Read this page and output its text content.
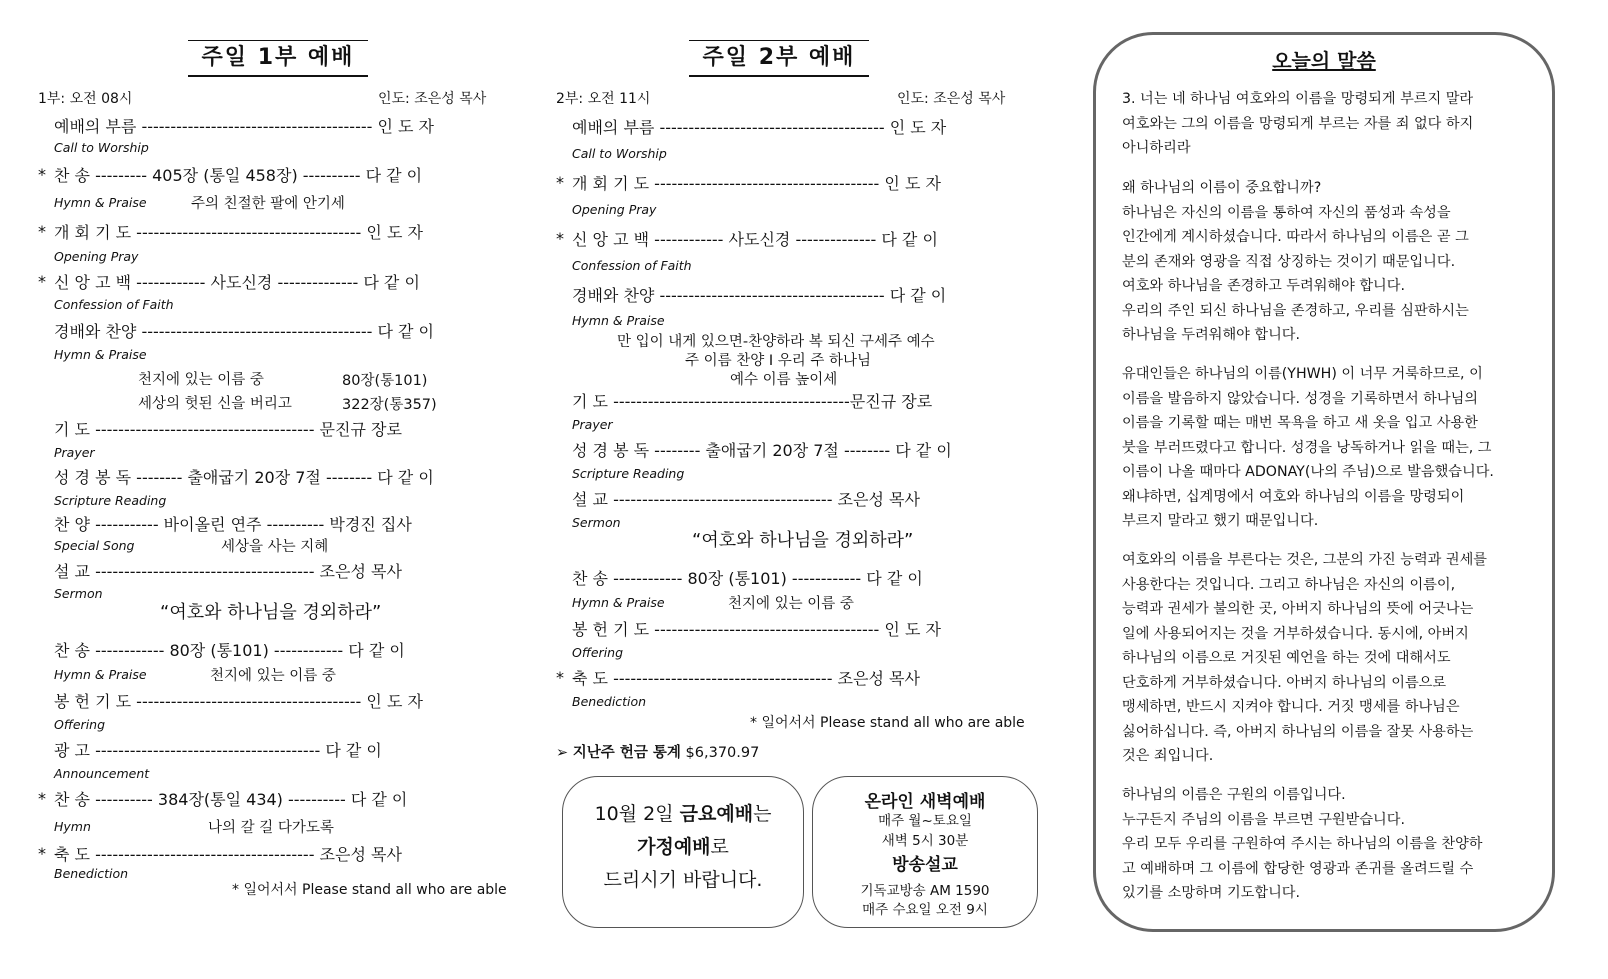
주일 1부 예배
1부: 오전 08시	인도: 조은성 목사
예배의 부름 ---------------------------------------- 인 도 자
Call to Worship
* 찬 송 --------- 405장 (통일 458장) ---------- 다 같 이
Hymn & Praise	주의 친절한 팔에 안기세
* 개 회 기 도 --------------------------------------- 인 도 자
Opening Pray
* 신 앙 고 백 ------------ 사도신경 -------------- 다 같 이
Confession of Faith
경배와 찬양 ---------------------------------------- 다 같 이
Hymn & Praise
천지에 있는 이름 중	80장(통101)
세상의 헛된 신을 버리고	322장(통357)
기 도 -------------------------------------- 문진규 장로
Prayer
성 경 봉 독 -------- 출애굽기 20장 7절 -------- 다 같 이
Scripture Reading
찬 양 ----------- 바이올린 연주 ---------- 박경진 집사
Special Song	세상을 사는 지혜
설 교 -------------------------------------- 조은성 목사
Sermon
“여호와 하나님을 경외하라”
찬 송 ------------ 80장 (통101) ------------ 다 같 이
Hymn & Praise	천지에 있는 이름 중
봉 헌 기 도 --------------------------------------- 인 도 자
Offering
광 고 --------------------------------------- 다 같 이
Announcement
* 찬 송 ---------- 384장(통일 434) ---------- 다 같 이
Hymn	나의 갈 길 다가도록
* 축 도 -------------------------------------- 조은성 목사
Benediction
* 일어서서 Please stand all who are able
주일 2부 예배
2부: 오전 11시	인도: 조은성 목사
예배의 부름 --------------------------------------- 인 도 자
Call to Worship
* 개 회 기 도 --------------------------------------- 인 도 자
Opening Pray
* 신 앙 고 백 ------------ 사도신경 -------------- 다 같 이
Confession of Faith
경배와 찬양 --------------------------------------- 다 같 이
Hymn & Praise
만 입이 내게 있으면-찬양하라 복 되신 구세주 예수
주 이름 찬양 I 우리 주 하나님
예수 이름 높이세
기 도 -----------------------------------------문진규 장로
Prayer
성 경 봉 독 -------- 출애굽기 20장 7절 -------- 다 같 이
Scripture Reading
설 교 -------------------------------------- 조은성 목사
Sermon
“여호와 하나님을 경외하라”
찬 송 ------------ 80장 (통101) ------------ 다 같 이
Hymn & Praise	천지에 있는 이름 중
봉 헌 기 도 --------------------------------------- 인 도 자
Offering
* 축 도 -------------------------------------- 조은성 목사
Benediction
* 일어서서 Please stand all who are able
➢ 지난주 헌금 통계 $6,370.97
10월 2일 금요예배는
가정예배로
드리시기 바랍니다.
온라인 새벽예배
매주 월~토요일
새벽 5시 30분
방송설교
기독교방송 AM 1590
매주 수요일 오전 9시
오늘의 말씀
3. 너는 네 하나님 여호와의 이름을 망령되게 부르지 말라
여호와는 그의 이름을 망령되게 부르는 자를 죄 없다 하지
아니하리라
왜 하나님의 이름이 중요합니까?
하나님은 자신의 이름을 통하여 자신의 품성과 속성을
인간에게 계시하셨습니다. 따라서 하나님의 이름은 곧 그
분의 존재와 영광을 직접 상징하는 것이기 때문입니다.
여호와 하나님을 존경하고 두려워해야 합니다.
우리의 주인 되신 하나님을 존경하고, 우리를 심판하시는
하나님을 두려워해야 합니다.
유대인들은 하나님의 이름(YHWH) 이 너무 거룩하므로, 이
이름을 발음하지 않았습니다. 성경을 기록하면서 하나님의
이름을 기록할 때는 매번 목욕을 하고 새 옷을 입고 사용한
붓을 부러뜨렸다고 합니다. 성경을 낭독하거나 읽을 때는, 그
이름이 나올 때마다 ADONAY(나의 주님)으로 발음했습니다.
왜냐하면, 십계명에서 여호와 하나님의 이름을 망령되이
부르지 말라고 했기 때문입니다.
여호와의 이름을 부른다는 것은, 그분의 가진 능력과 권세를
사용한다는 것입니다. 그리고 하나님은 자신의 이름이,
능력과 권세가 불의한 곳, 아버지 하나님의 뜻에 어긋나는
일에 사용되어지는 것을 거부하셨습니다. 동시에, 아버지
하나님의 이름으로 거짓된 예언을 하는 것에 대해서도
단호하게 거부하셨습니다. 아버지 하나님의 이름으로
맹세하면, 반드시 지켜야 합니다. 거짓 맹세를 하나님은
싫어하십니다. 즉, 아버지 하나님의 이름을 잘못 사용하는
것은 죄입니다.
하나님의 이름은 구원의 이름입니다.
누구든지 주님의 이름을 부르면 구원받습니다.
우리 모두 우리를 구원하여 주시는 하나님의 이름을 찬양하
고 예배하며 그 이름에 합당한 영광과 존귀를 올려드릴 수
있기를 소망하며 기도합니다.
